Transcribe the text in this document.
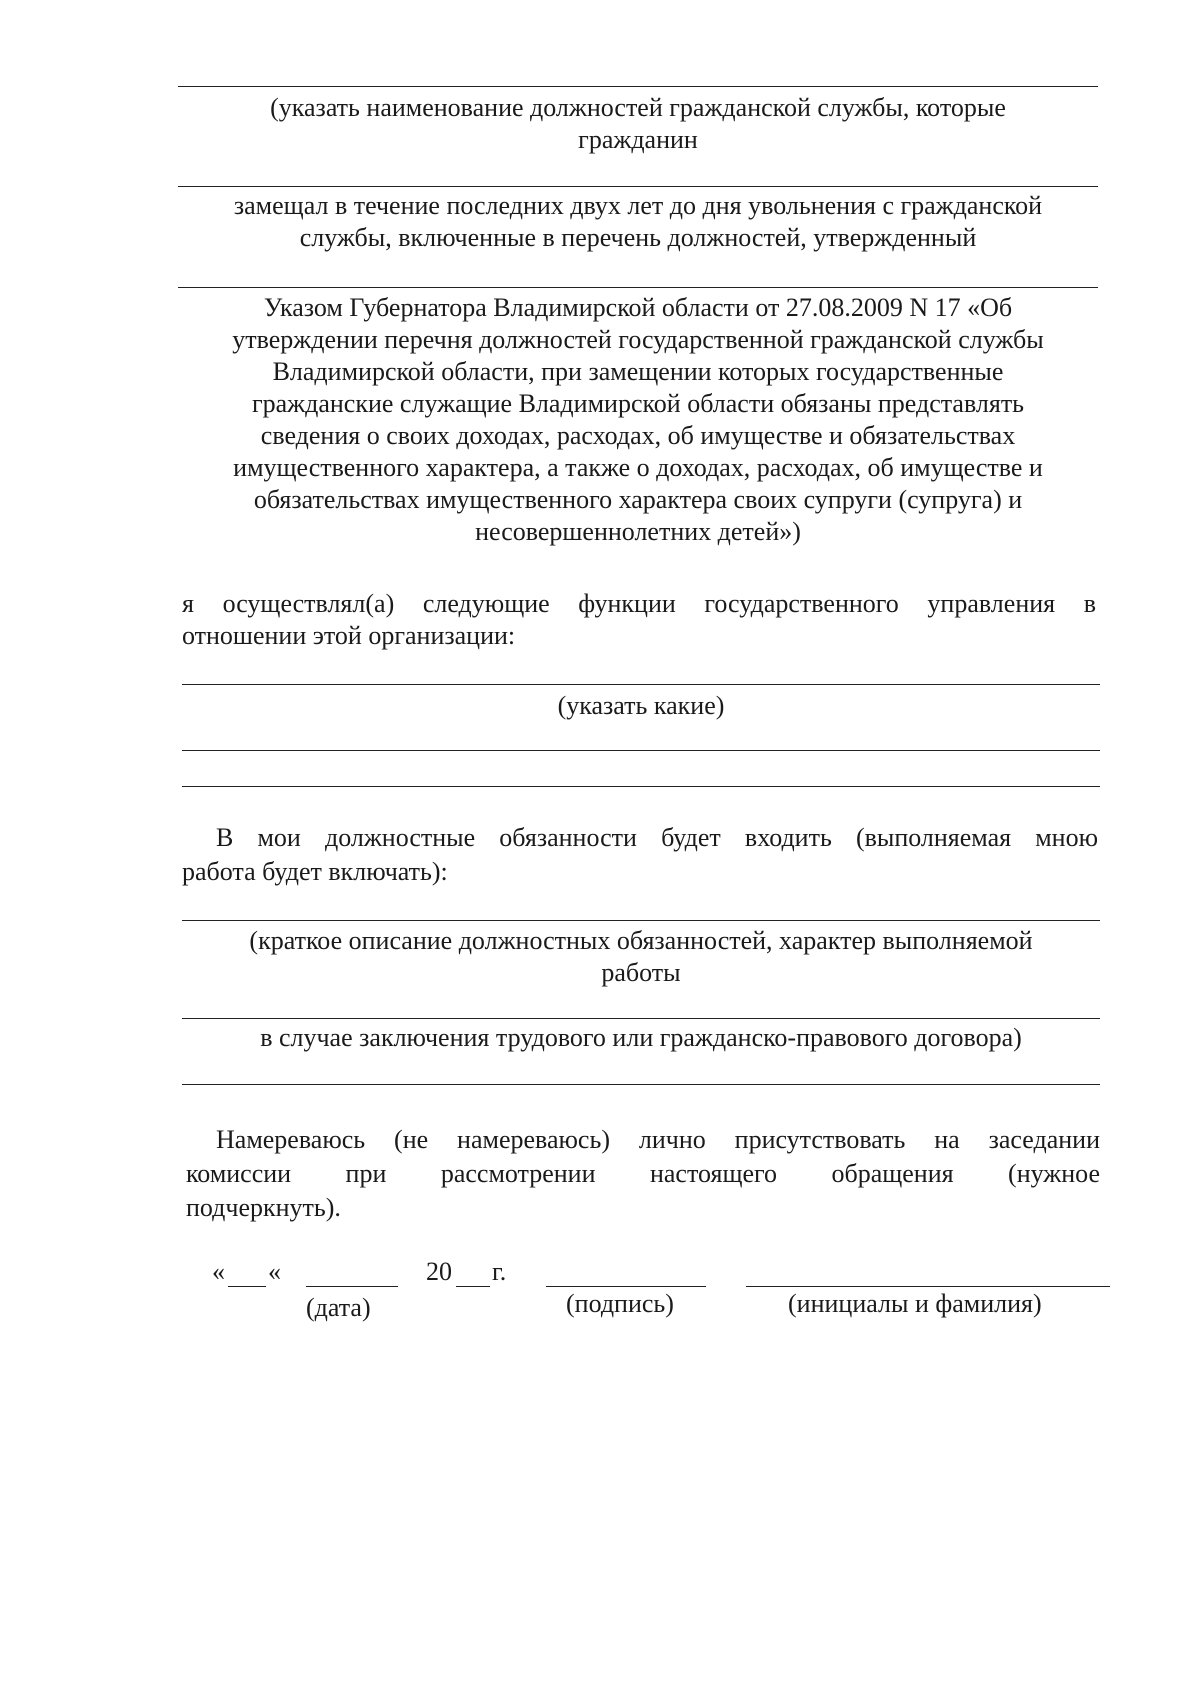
(указать наименование должностей гражданской службы, которые
гражданин
замещал в течение последних двух лет до дня увольнения с гражданской
службы, включенные в перечень должностей, утвержденный
Указом Губернатора Владимирской области от 27.08.2009 N 17 «Об
утверждении перечня должностей государственной гражданской службы
Владимирской области, при замещении которых государственные
гражданские служащие Владимирской области обязаны представлять
сведения о своих доходах, расходах, об имуществе и обязательствах
имущественного характера, а также о доходах, расходах, об имуществе и
обязательствах имущественного характера своих супруги (супруга) и
несовершеннолетних детей»)
я осуществлял(а) следующие функции государственного управления в
отношении этой организации:
(указать какие)
В мои должностные обязанности будет входить (выполняемая мною
работа будет включать):
(краткое описание должностных обязанностей, характер выполняемой
работы
в случае заключения трудового или гражданско-правового договора)
Намереваюсь (не намереваюсь) лично присутствовать на заседании
комиссии при рассмотрении настоящего обращения (нужное
подчеркнуть).
« «	20 г.
(дата)	(подпись)	(инициалы и фамилия)
